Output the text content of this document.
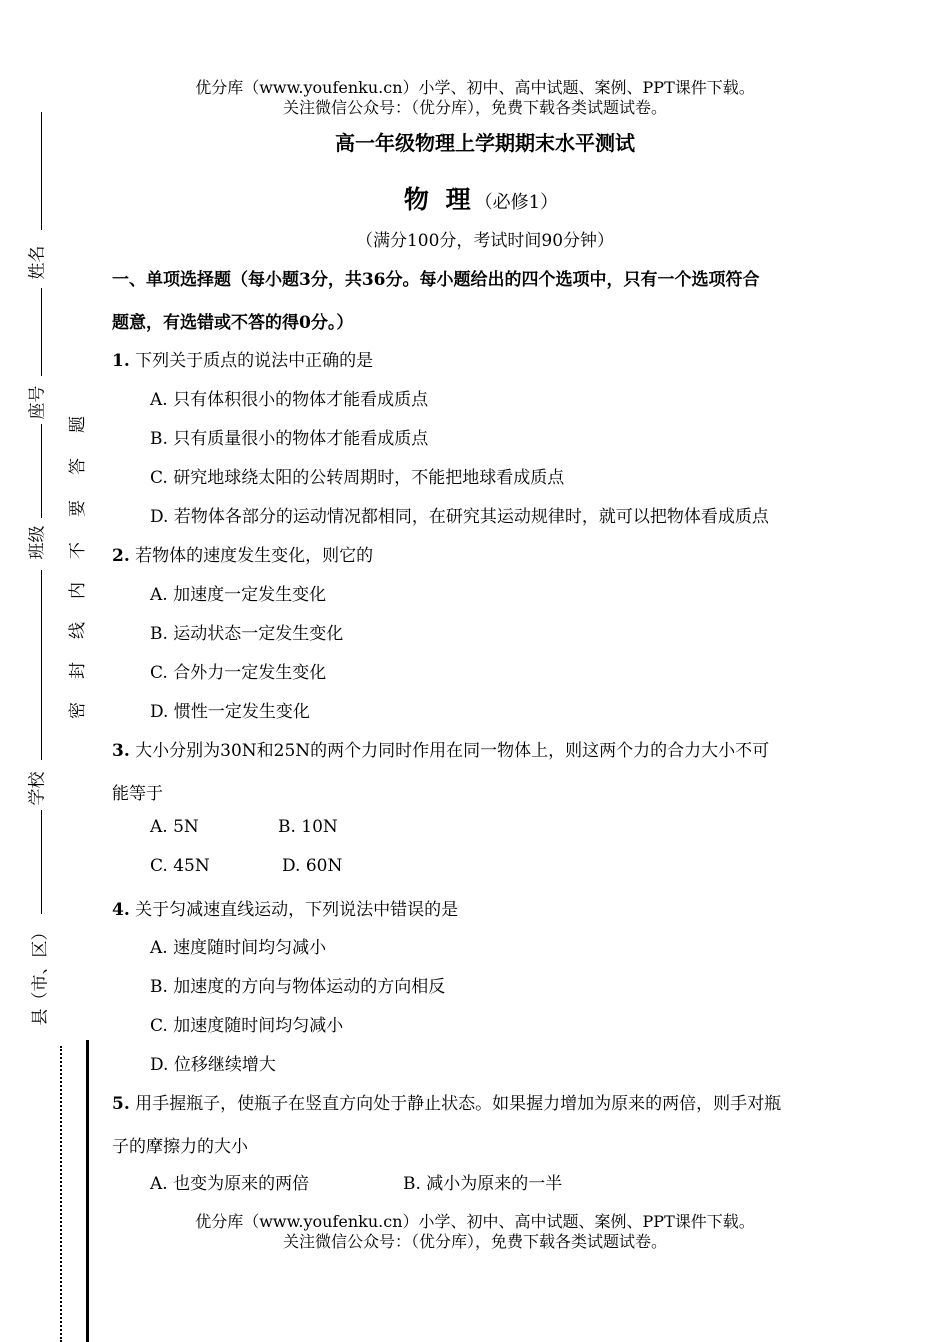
优分库（www.youfenku.cn）小学、初中、高中试题、案例、PPT课件下载。
关注微信公众号：（优分库），免费下载各类试题试卷。
高一年级物理上学期期末水平测试
物 理（必修1）
（满分100分，考试时间90分钟）
一、单项选择题（每小题3分，共36分。每小题给出的四个选项中，只有一个选项符合
题意，有选错或不答的得0分。）
1. 下列关于质点的说法中正确的是
A. 只有体积很小的物体才能看成质点
B. 只有质量很小的物体才能看成质点
C. 研究地球绕太阳的公转周期时，不能把地球看成质点
D. 若物体各部分的运动情况都相同，在研究其运动规律时，就可以把物体看成质点
2. 若物体的速度发生变化，则它的
A. 加速度一定发生变化
B. 运动状态一定发生变化
C. 合外力一定发生变化
D. 惯性一定发生变化
3. 大小分别为30N和25N的两个力同时作用在同一物体上，则这两个力的合力大小不可
能等于
A. 5N	B. 10N
C. 45N	D. 60N
4. 关于匀减速直线运动，下列说法中错误的是
A. 速度随时间均匀减小
B. 加速度的方向与物体运动的方向相反
C. 加速度随时间均匀减小
D. 位移继续增大
5. 用手握瓶子，使瓶子在竖直方向处于静止状态。如果握力增加为原来的两倍，则手对瓶
子的摩擦力的大小
A. 也变为原来的两倍	B. 减小为原来的一半
优分库（www.youfenku.cn）小学、初中、高中试题、案例、PPT课件下载。
关注微信公众号：（优分库），免费下载各类试题试卷。
姓名
座号
班级
学校
县（市、区）
题
答
要
不
内
线
封
密
